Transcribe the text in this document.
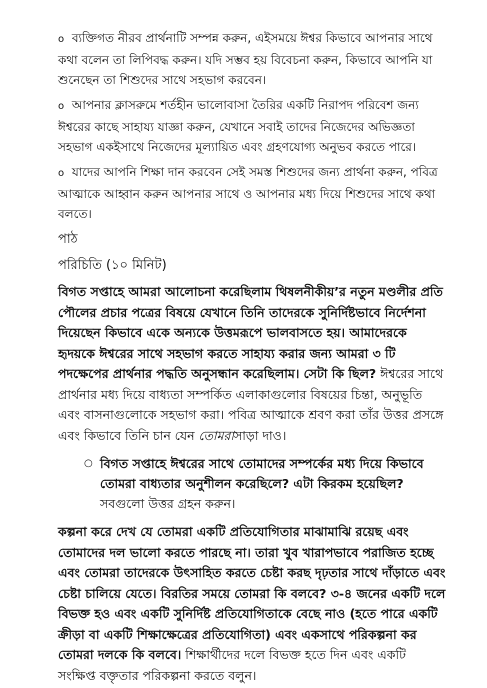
o ব্যক্তিগত নীরব প্রার্থনাটি সম্পন্ন করুন, এইসময়ে ঈশ্বর কিভাবে আপনার সাথে কথা বলেন তা লিপিবদ্ধ করুন। যদি সম্ভব হয় বিবেচনা করুন, কিভাবে আপনি যা শুনেছেন তা শিশুদের সাথে সহভাগ করবেন।

o আপনার ক্লাসরুমে শর্তহীন ভালোবাসা তৈরির একটি নিরাপদ পরিবেশ জন্য ঈশ্বরের কাছে সাহায্য যাজ্ঞা করুন, যেখানে সবাই তাদের নিজেদের অভিজ্ঞতা সহভাগ একইসাথে নিজেদের মূল্যায়িত এবং গ্রহণযোগ্য অনুভব করতে পারে।

o যাদের আপনি শিক্ষা দান করবেন সেই সমস্ত শিশুদের জন্য প্রার্থনা করুন, পবিত্র আত্মাকে আহ্বান করুন আপনার সাথে ও আপনার মধ্য দিয়ে শিশুদের সাথে কথা বলতে।

পাঠ

পরিচিতি (১০ মিনিট)

বিগত সপ্তাহে আমরা আলোচনা করেছিলাম থিষলনীকীয়’র নতুন মণ্ডলীর প্রতি পৌলের প্রচার পত্রের বিষয়ে যেখানে তিনি তাদেরকে সুনির্দিষ্টভাবে নির্দেশনা দিয়েছেন কিভাবে একে অন্যকে উত্তমরূপে ভালবাসতে হয়। আমাদেরকে হৃদয়কে ঈশ্বরের সাথে সহভাগ করতে সাহায্য করার জন্য আমরা ৩ টি পদক্ষেপের প্রার্থনার পদ্ধতি অনুসন্ধান করেছিলাম। সেটা কি ছিল? ঈশ্বরের সাথে প্রার্থনার মধ্য দিয়ে বাধ্যতা সম্পর্কিত এলাকাগুলোর বিষয়ের চিন্তা, অনুভূতি এবং বাসনাগুলোকে সহভাগ করা। পবিত্র আত্মাকে শ্রবণ করা তাঁর উত্তর প্রসঙ্গে এবং কিভাবে তিনি চান যেন তোমরাসাড়া দাও।

○ বিগত সপ্তাহে ঈশ্বরের সাথে তোমাদের সম্পর্কের মধ্য দিয়ে কিভাবে তোমরা বাধ্যতার অনুশীলন করেছিলে? এটা কিরকম হয়েছিল? সবগুলো উত্তর গ্রহন করুন।

কল্পনা করে দেখ যে তোমরা একটি প্রতিযোগিতার মাঝামাঝি রয়েছ এবং তোমাদের দল ভালো করতে পারছে না। তারা খুব খারাপভাবে পরাজিত হচ্ছে এবং তোমরা তাদেরকে উৎসাহিত করতে চেষ্টা করছ দৃঢ়তার সাথে দাঁড়াতে এবং চেষ্টা চালিয়ে যেতে। বিরতির সময়ে তোমরা কি বলবে? ৩-৪ জনের একটি দলে বিভক্ত হও এবং একটি সুনির্দিষ্ট প্রতিযোগিতাকে বেছে নাও (হতে পারে একটি ক্রীড়া বা একটি শিক্ষাক্ষেত্রের প্রতিযোগিতা) এবং একসাথে পরিকল্পনা কর তোমরা দলকে কি বলবে। শিক্ষার্থীদের দলে বিভক্ত হতে দিন এবং একটি সংক্ষিপ্ত বক্তৃতার পরিকল্পনা করতে বলুন।
